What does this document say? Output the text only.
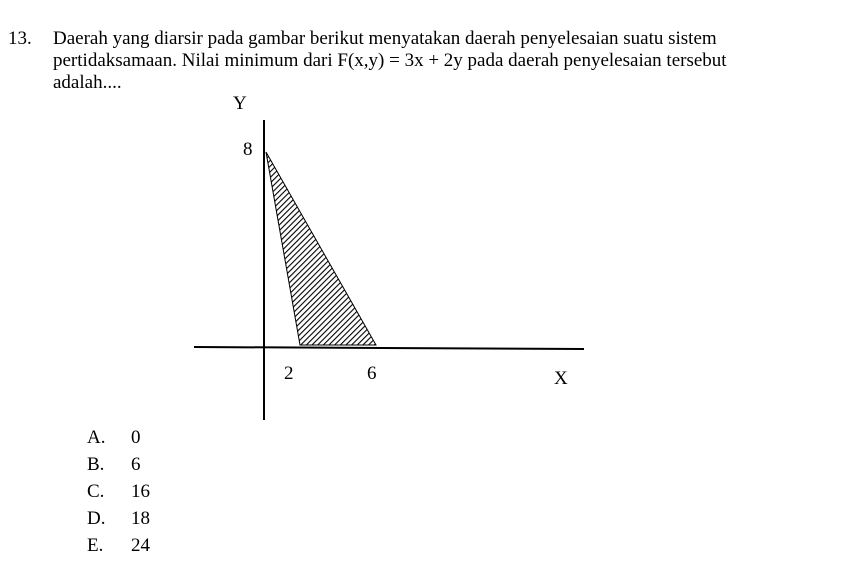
13. Daerah yang diarsir pada gambar berikut menyatakan daerah penyelesaian suatu sistem
pertidaksamaan. Nilai minimum dari F(x,y) = 3x + 2y pada daerah penyelesaian tersebut
adalah....
Y
8
2	6	X
A.	0
B.	6
C.	16
D.	18
E.	24
